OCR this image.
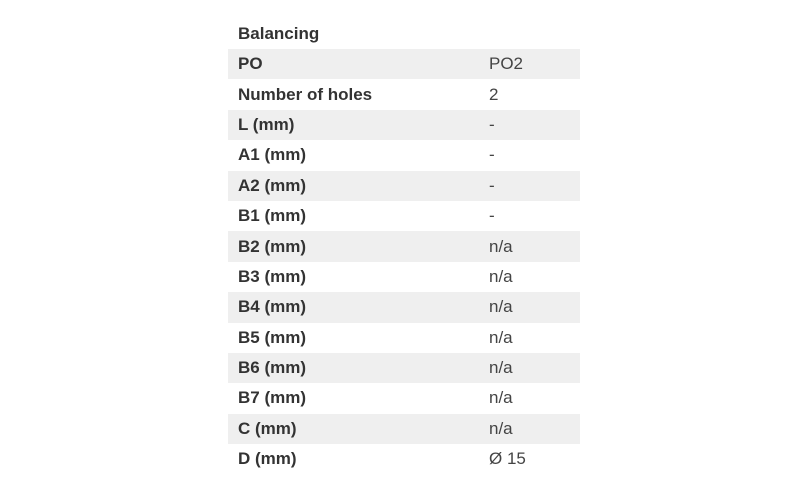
Balancing
PO	PO2
Number of holes	2
L (mm)	-
A1 (mm)	-
A2 (mm)	-
B1 (mm)	-
B2 (mm)	n/a
B3 (mm)	n/a
B4 (mm)	n/a
B5 (mm)	n/a
B6 (mm)	n/a
B7 (mm)	n/a
C (mm)	n/a
D (mm)	Ø 15
